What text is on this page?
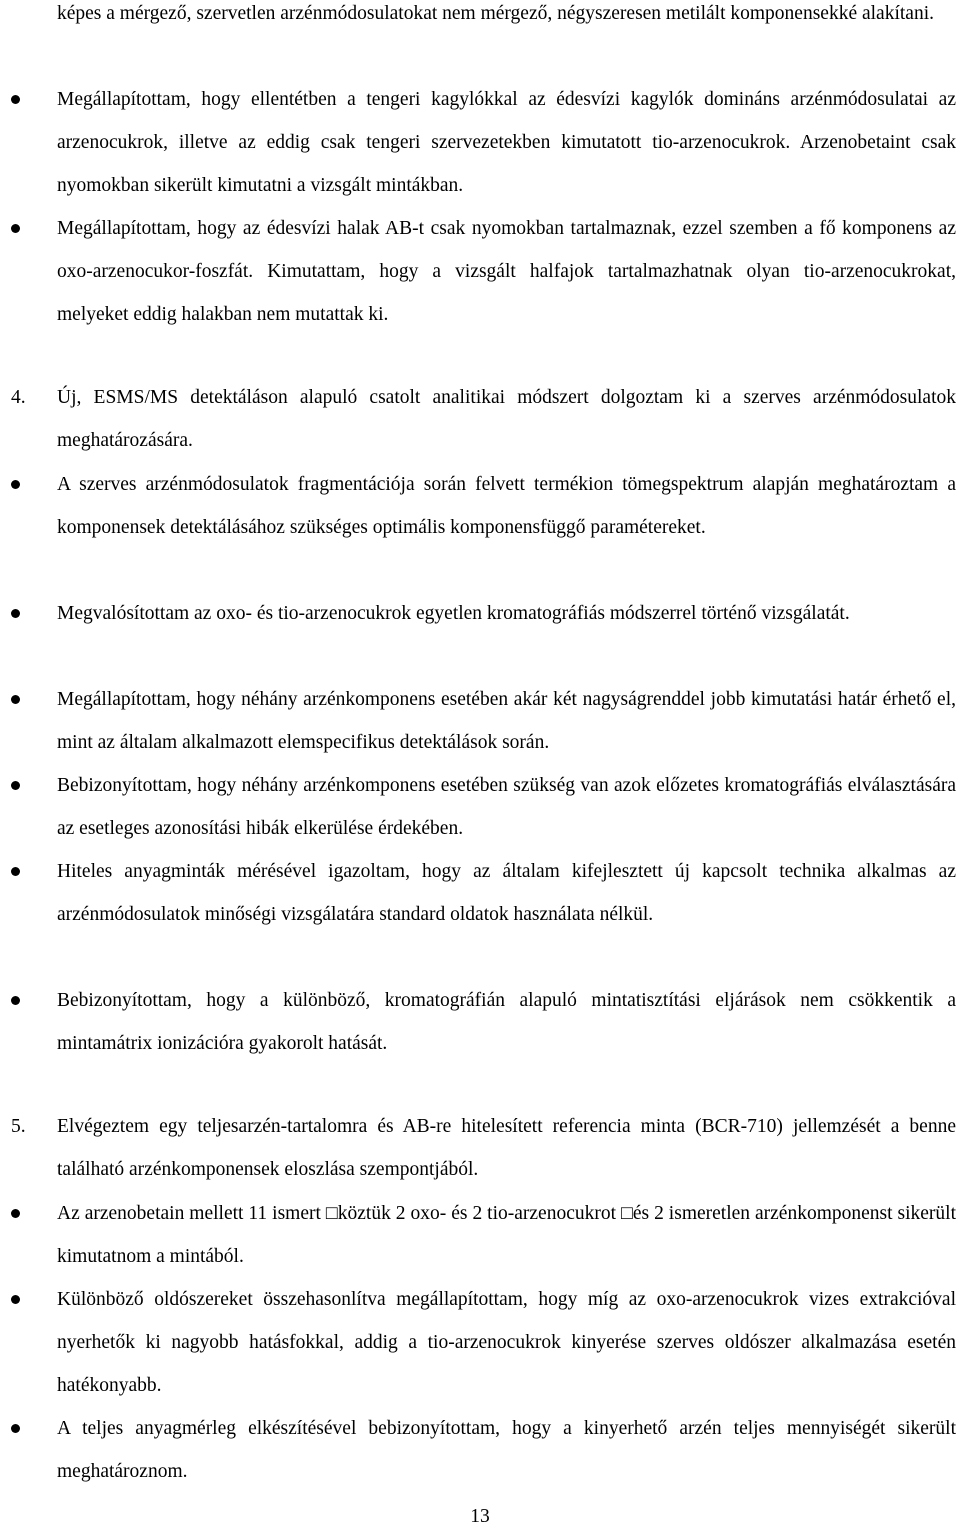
képes a mérgező, szervetlen arzénmódosulatokat nem mérgező, négyszeresen metilált komponensekké alakítani.

Megállapítottam, hogy ellentétben a tengeri kagylókkal az édesvízi kagylók domináns arzénmódosulatai az arzenocukrok, illetve az eddig csak tengeri szervezetekben kimutatott tio-arzenocukrok. Arzenobetaint csak nyomokban sikerült kimutatni a vizsgált mintákban.

Megállapítottam, hogy az édesvízi halak AB-t csak nyomokban tartalmaznak, ezzel szemben a fő komponens az oxo-arzenocukor-foszfát. Kimutattam, hogy a vizsgált halfajok tartalmazhatnak olyan tio-arzenocukrokat, melyeket eddig halakban nem mutattak ki.

4. Új, ESMS/MS detektáláson alapuló csatolt analitikai módszert dolgoztam ki a szerves arzénmódosulatok meghatározására.

A szerves arzénmódosulatok fragmentációja során felvett termékion tömegspektrum alapján meghatároztam a komponensek detektálásához szükséges optimális komponensfüggő paramétereket.

Megvalósítottam az oxo- és tio-arzenocukrok egyetlen kromatográfiás módszerrel történő vizsgálatát.

Megállapítottam, hogy néhány arzénkomponens esetében akár két nagyságrenddel jobb kimutatási határ érhető el, mint az általam alkalmazott elemspecifikus detektálások során.

Bebizonyítottam, hogy néhány arzénkomponens esetében szükség van azok előzetes kromatográfiás elválasztására az esetleges azonosítási hibák elkerülése érdekében.

Hiteles anyagminták mérésével igazoltam, hogy az általam kifejlesztett új kapcsolt technika alkalmas az arzénmódosulatok minőségi vizsgálatára standard oldatok használata nélkül.

Bebizonyítottam, hogy a különböző, kromatográfián alapuló mintatisztítási eljárások nem csökkentik a mintamátrix ionizációra gyakorolt hatását.

5. Elvégeztem egy teljesarzén-tartalomra és AB-re hitelesített referencia minta (BCR-710) jellemzését a benne található arzénkomponensek eloszlása szempontjából.

Az arzenobetain mellett 11 ismert □köztük 2 oxo- és 2 tio-arzenocukrot □és 2 ismeretlen arzénkomponenst sikerült kimutatnom a mintából.

Különböző oldószereket összehasonlítva megállapítottam, hogy míg az oxo-arzenocukrok vizes extrakcióval nyerhetők ki nagyobb hatásfokkal, addig a tio-arzenocukrok kinyerése szerves oldószer alkalmazása esetén hatékonyabb.

A teljes anyagmérleg elkészítésével bebizonyítottam, hogy a kinyerhető arzén teljes mennyiségét sikerült meghatároznom.

13
